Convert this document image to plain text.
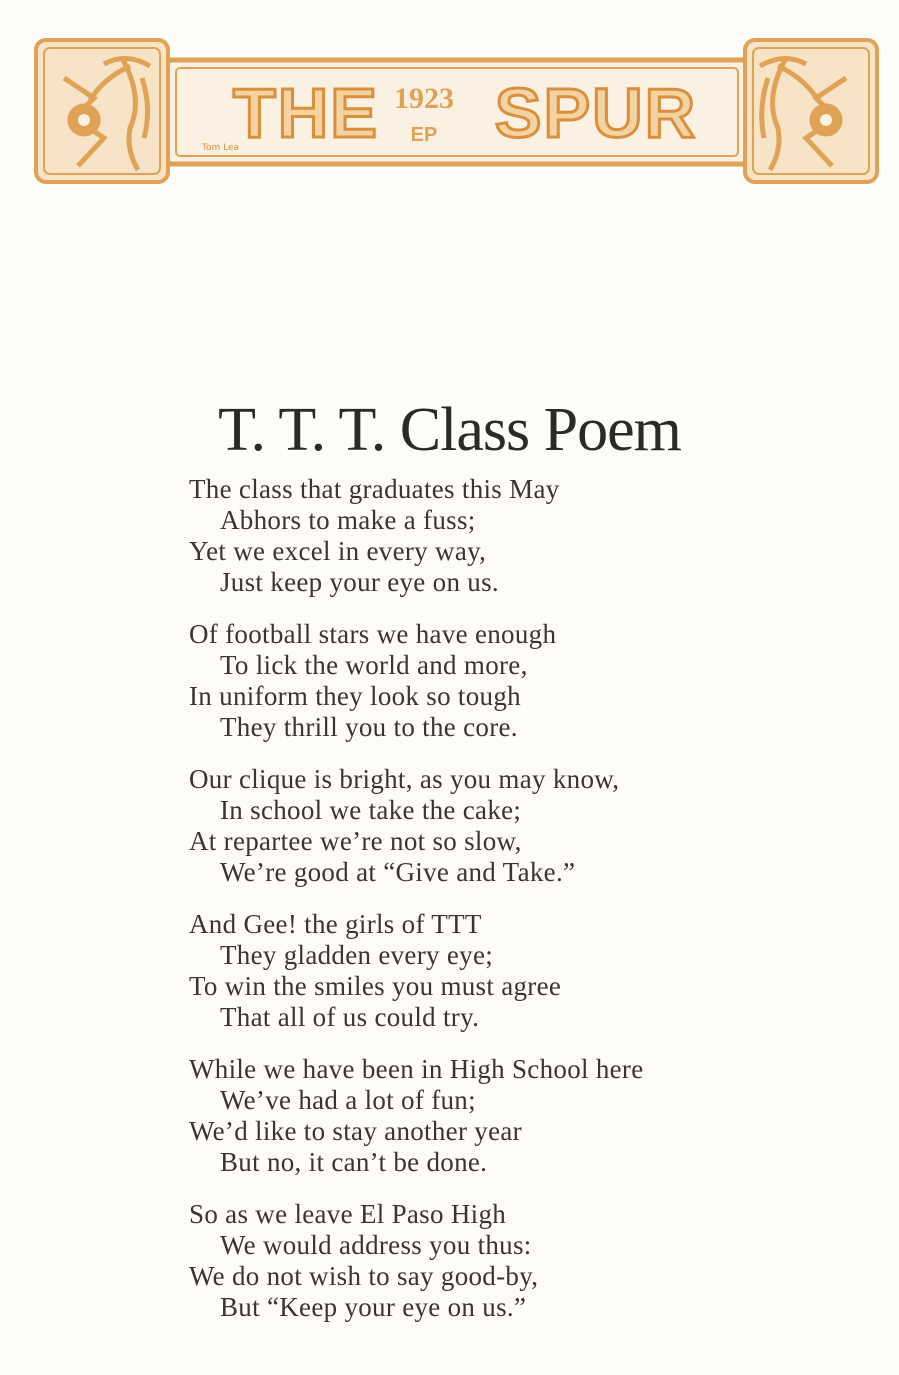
THE 1923
EP SPUR
Tom Lea
T. T. T. Class Poem
The class that graduates this May
Abhors to make a fuss;
Yet we excel in every way,
Just keep your eye on us.
Of football stars we have enough
To lick the world and more,
In uniform they look so tough
They thrill you to the core.
Our clique is bright, as you may know,
In school we take the cake;
At repartee we’re not so slow,
We’re good at “Give and Take.”
And Gee! the girls of TTT
They gladden every eye;
To win the smiles you must agree
That all of us could try.
While we have been in High School here
We’ve had a lot of fun;
We’d like to stay another year
But no, it can’t be done.
So as we leave El Paso High
We would address you thus:
We do not wish to say good-by,
But “Keep your eye on us.”
